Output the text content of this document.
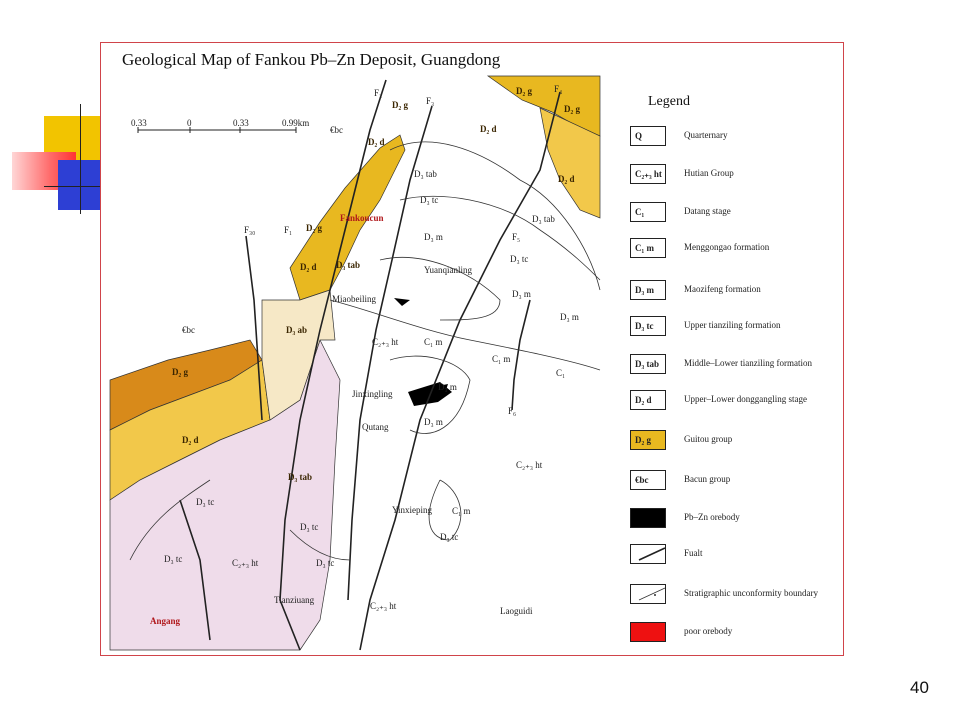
0.33	0	0.33	0.99km
Fankoucun
Yuanqianling
Miaobeiling
Jinxingling
Qutang
Yinxieping
Tianziuang
Laoguidi
Angang
F₂
F₃
F₄
F₅
F₆
F₁
F₃₀
D₂ g
D₂ g
D₂ g
D₂ g
D₂ g
D₂ d
D₂ d
D₂ d
D₂ d
D₂ d
D₃ tab
D₃ tab
D₃ tab
D₃ tab
D₃ tc
D₃ tc
D₃ tc
D₃ tc
D₃ tc
D₃ tc
D₃ tc
D₃ m
D₃ m
D₃ m
D₃ m
D₃ m
C₁ m
C₁ m
C₁ m
C₂₊₃ ht
C₂₊₃ ht
C₂₊₃ ht
C₂₊₃ ht
€bc
€bc	D₃ ab
C₁
Geological Map of Fankou Pb–Zn Deposit, Guangdong
Legend
Q	Quarternary
C₂₊₃ ht	Hutian Group
C₁	Datang stage
C₁ m	Menggongao formation
D₃ m	Maozifeng formation
D₃ tc	Upper tianziling formation
D₃ tab	Middle–Lower tianziling formation
D₂ d	Upper–Lower donggangling stage
D₂ g	Guitou group
€bc	Bacun group
Pb–Zn orebody
Fualt
Stratigraphic unconformity boundary
poor orebody
40
